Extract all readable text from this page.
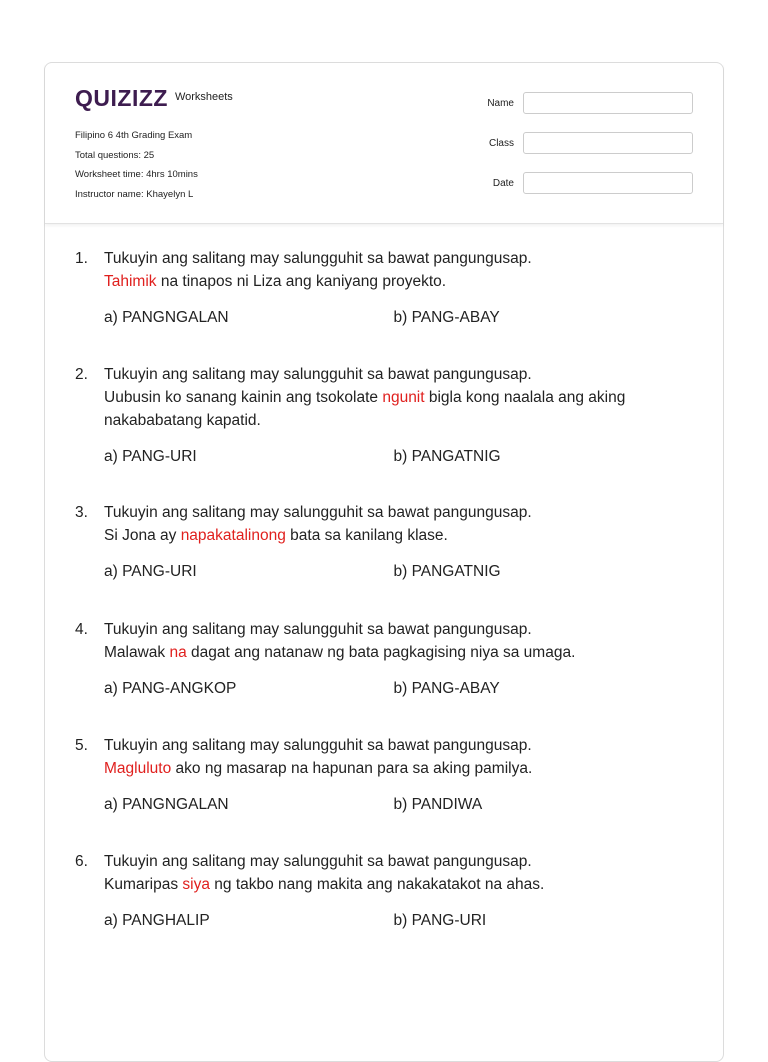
QUIZIZZ Worksheets
Filipino 6 4th Grading Exam
Total questions: 25
Worksheet time: 4hrs 10mins
Instructor name: Khayelyn L
Name
Class
Date
1. Tukuyin ang salitang may salungguhit sa bawat pangungusap.
Tahimik na tinapos ni Liza ang kaniyang proyekto.
a) PANGNGALAN	b) PANG-ABAY
2. Tukuyin ang salitang may salungguhit sa bawat pangungusap.
Uubusin ko sanang kainin ang tsokolate ngunit bigla kong naalala ang aking nakababatang kapatid.
a) PANG-URI	b) PANGATNIG
3. Tukuyin ang salitang may salungguhit sa bawat pangungusap.
Si Jona ay napakatalinong bata sa kanilang klase.
a) PANG-URI	b) PANGATNIG
4. Tukuyin ang salitang may salungguhit sa bawat pangungusap.
Malawak na dagat ang natanaw ng bata pagkagising niya sa umaga.
a) PANG-ANGKOP	b) PANG-ABAY
5. Tukuyin ang salitang may salungguhit sa bawat pangungusap.
Magluluto ako ng masarap na hapunan para sa aking pamilya.
a) PANGNGALAN	b) PANDIWA
6. Tukuyin ang salitang may salungguhit sa bawat pangungusap.
Kumaripas siya ng takbo nang makita ang nakakatakot na ahas.
a) PANGHALIP	b) PANG-URI
